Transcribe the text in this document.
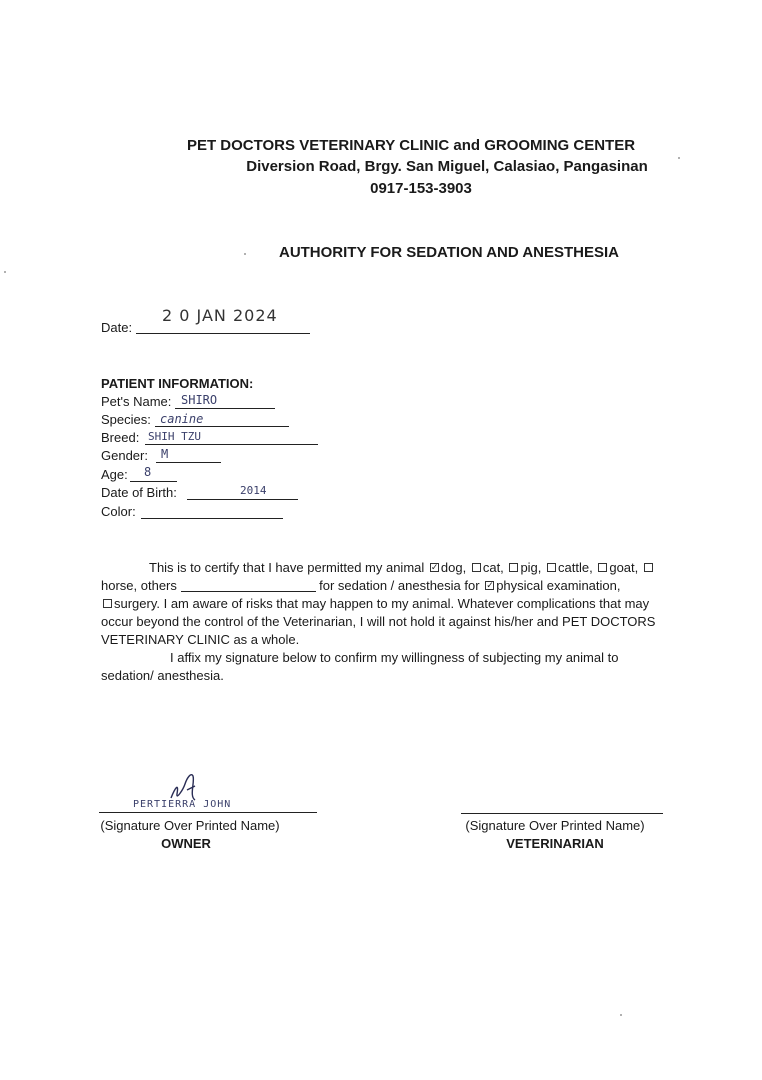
PET DOCTORS VETERINARY CLINIC and GROOMING CENTER
Diversion Road, Brgy. San Miguel, Calasiao, Pangasinan
0917-153-3903
AUTHORITY FOR SEDATION AND ANESTHESIA
Date:
2 0 JAN 2024
PATIENT INFORMATION:
Pet's Name: SHIRO
Species: canine
Breed: SHIH TZU
Gender: M
Age: 8
Date of Birth:	2014
Color:
This is to certify that I have permitted my animal ✓ dog, cat, pig, cattle, goat,
horse, others	for sedation / anesthesia for ✓ physical examination,
surgery. I am aware of risks that may happen to my animal. Whatever complications that may
occur beyond the control of the Veterinarian, I will not hold it against his/her and PET DOCTORS
VETERINARY CLINIC as a whole.
I affix my signature below to confirm my willingness of subjecting my animal to
sedation/ anesthesia.
PERTIERRA JOHN
(Signature Over Printed Name)
OWNER
(Signature Over Printed Name)
VETERINARIAN
